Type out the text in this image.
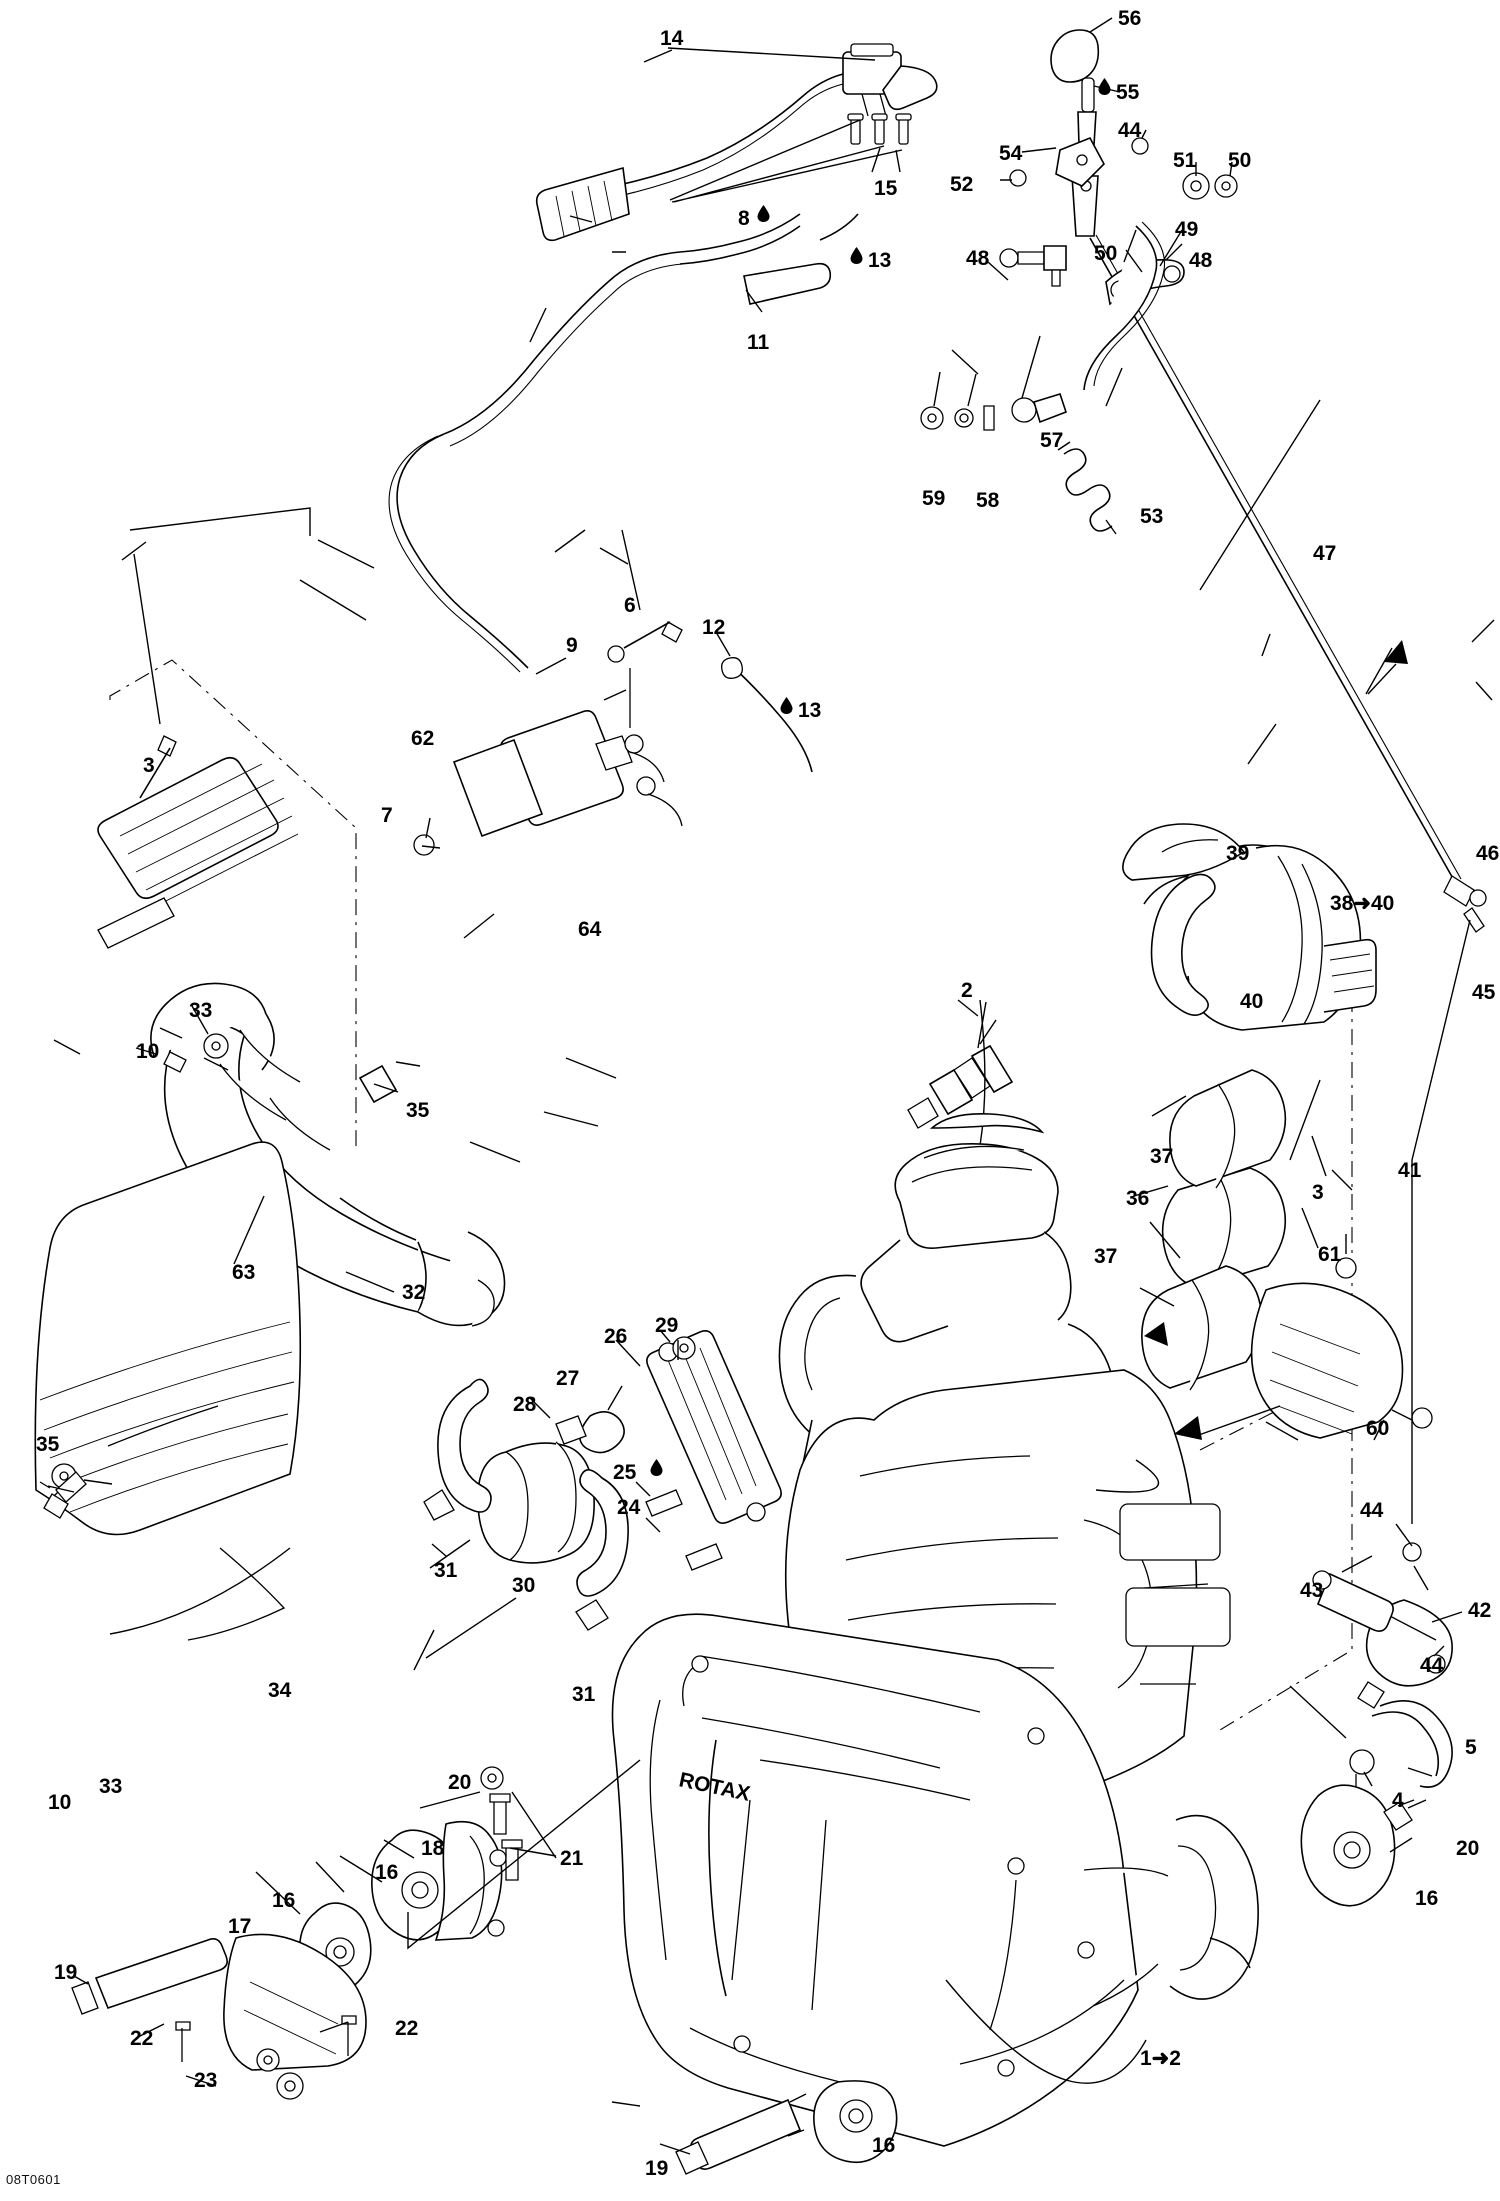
ROTAX
14
56
55
15
44
54	51 50
52
49
50
48	48
8
13
11
57
59 58
53
47
6
9
12
13
3
62
7
64
2
39
38➜40
40
46
45
33
10
35
37
3
41
36
37	61
60
63
32
26 29
27
28
25
24
31
30
31
35
34
10
33
44
43
42
44
5
4
20
16
20
18	21
16
16
17
19
22	22
23
19
16
1➜2
08T0601
